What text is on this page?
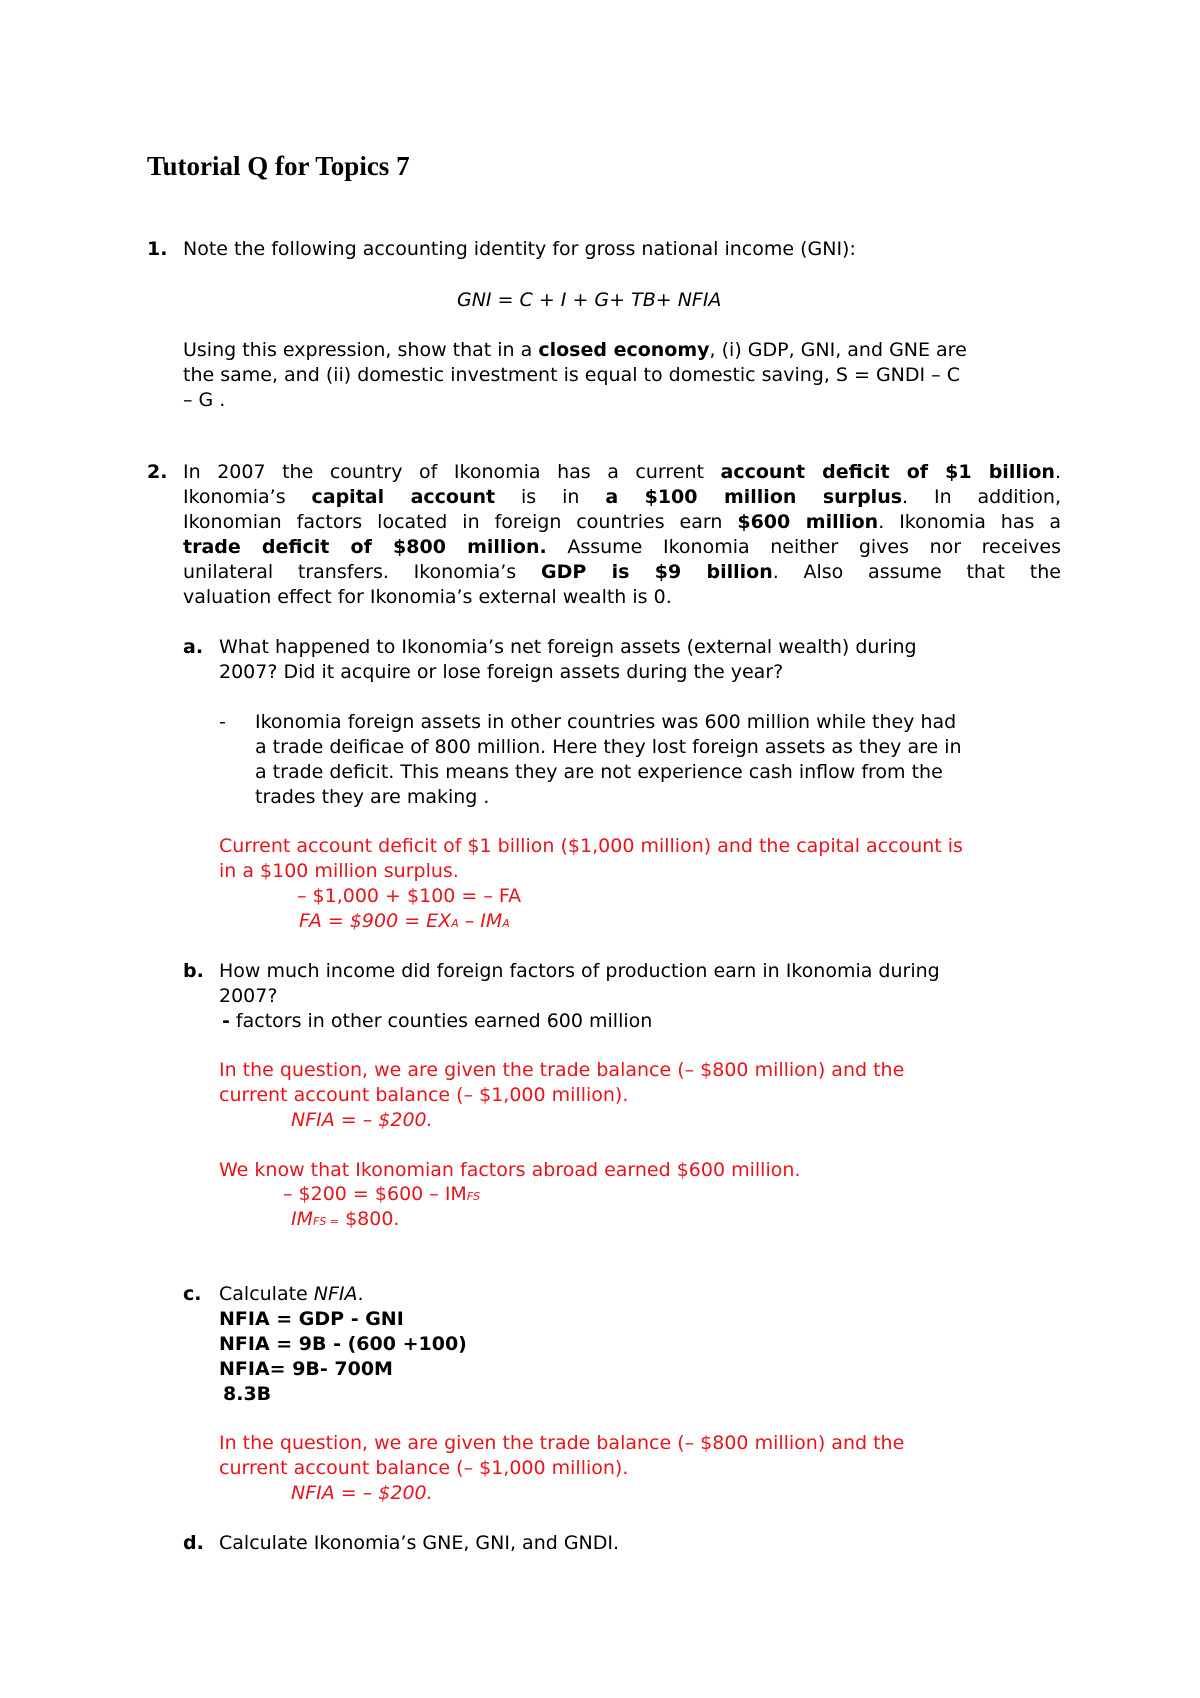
Tutorial Q for Topics 7
1. Note the following accounting identity for gross national income (GNI):
GNI = C + I + G+ TB+ NFIA
Using this expression, show that in a closed economy, (i) GDP, GNI, and GNE are
the same, and (ii) domestic investment is equal to domestic saving, S = GNDI – C
– G .
2. In 2007 the country of Ikonomia has a current account deficit of $1 billion.
Ikonomia’s capital account is in a $100 million surplus. In addition,
Ikonomian factors located in foreign countries earn $600 million. Ikonomia has a
trade deficit of $800 million. Assume Ikonomia neither gives nor receives
unilateral transfers. Ikonomia’s GDP is $9 billion. Also assume that the
valuation effect for Ikonomia’s external wealth is 0.
a. What happened to Ikonomia’s net foreign assets (external wealth) during
2007? Did it acquire or lose foreign assets during the year?
- Ikonomia foreign assets in other countries was 600 million while they had
a trade deificae of 800 million. Here they lost foreign assets as they are in
a trade deficit. This means they are not experience cash inflow from the
trades they are making .
Current account deficit of $1 billion ($1,000 million) and the capital account is
in a $100 million surplus.
– $1,000 + $100 = – FA
FA = $900 = EXA – IMA
b. How much income did foreign factors of production earn in Ikonomia during
2007?
- factors in other counties earned 600 million
In the question, we are given the trade balance (– $800 million) and the
current account balance (– $1,000 million).
NFIA = – $200.
We know that Ikonomian factors abroad earned $600 million.
– $200 = $600 – IMFS
IMFS = $800.
c. Calculate NFIA.
NFIA = GDP - GNI
NFIA = 9B - (600 +100)
NFIA= 9B- 700M
8.3B
In the question, we are given the trade balance (– $800 million) and the
current account balance (– $1,000 million).
NFIA = – $200.
d. Calculate Ikonomia’s GNE, GNI, and GNDI.
